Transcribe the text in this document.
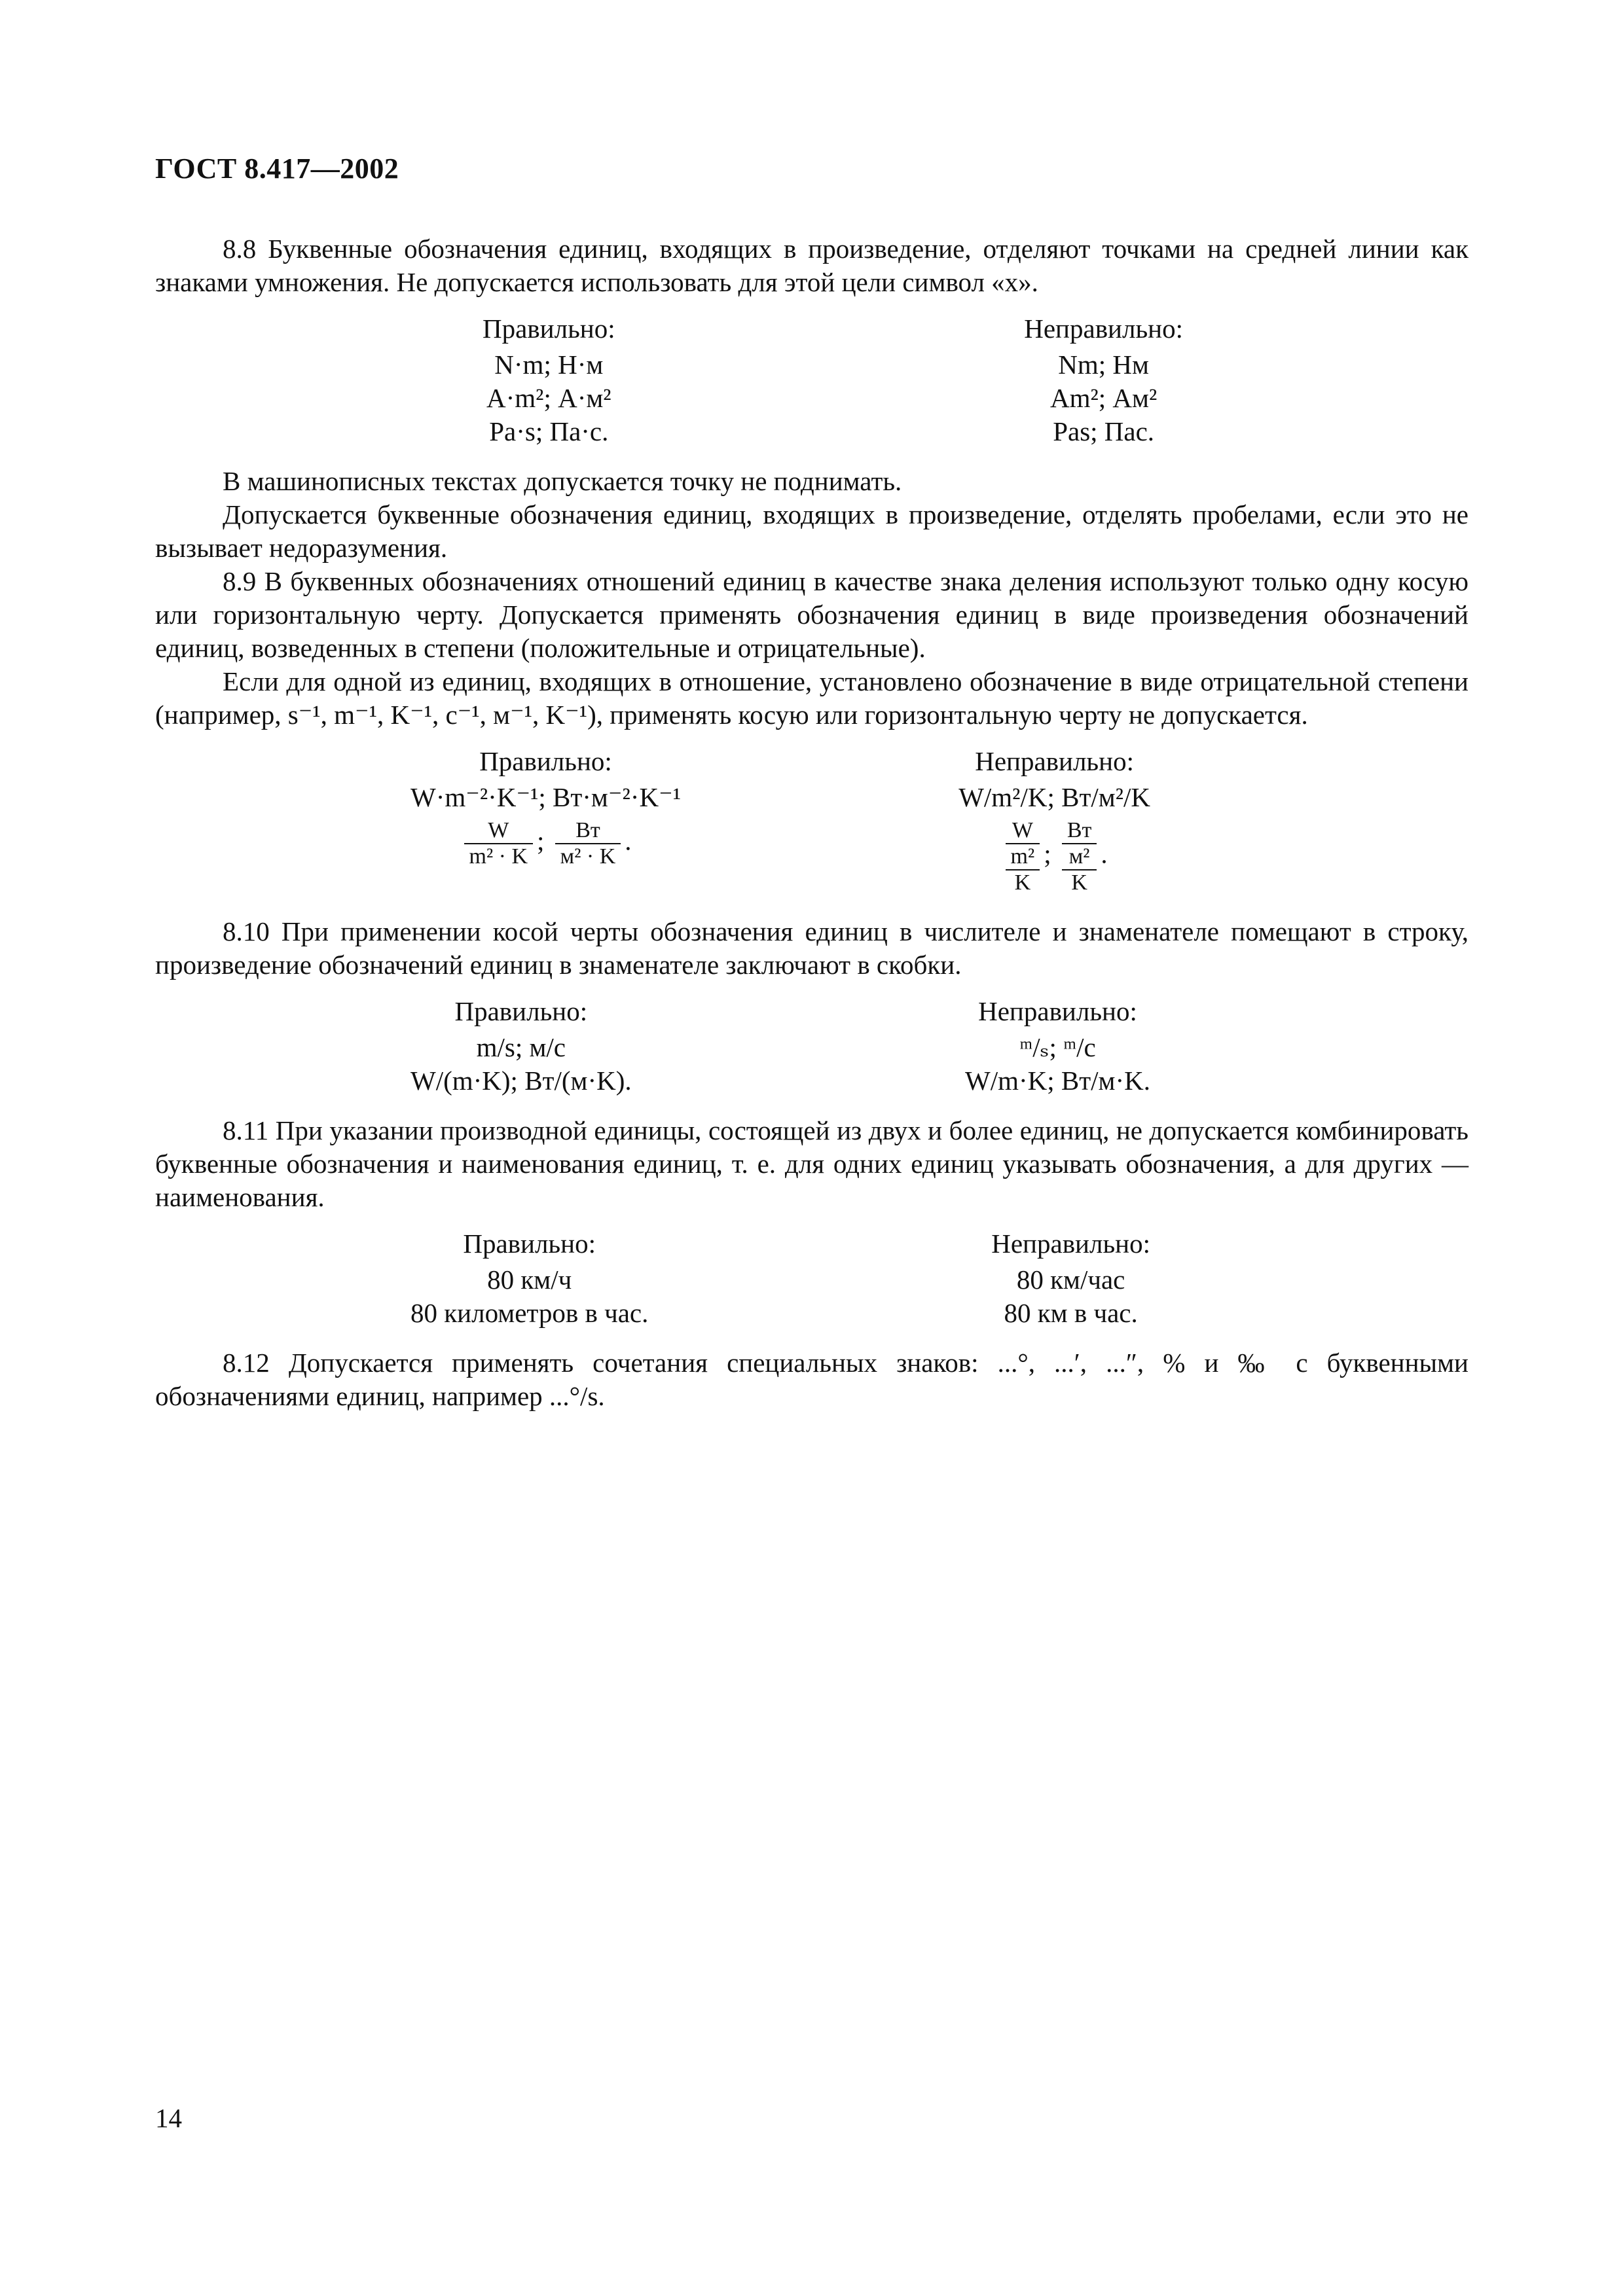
ГОСТ 8.417—2002

8.8 Буквенные обозначения единиц, входящих в произведение, отделяют точками на средней линии как знаками умножения. Не допускается использовать для этой цели символ «х».

Правильно:
N·m; Н·м
A·m²; А·м²
Pa·s; Па·с.
Неправильно:
Nm; Нм
Am²; Ам²
Pas; Пас.

В машинописных текстах допускается точку не поднимать.

Допускается буквенные обозначения единиц, входящих в произведение, отделять пробелами, если это не вызывает недоразумения.

8.9 В буквенных обозначениях отношений единиц в качестве знака деления используют только одну косую или горизонтальную черту. Допускается применять обозначения единиц в виде произведения обозначений единиц, возведенных в степени (положительные и отрицательные).

Если для одной из единиц, входящих в отношение, установлено обозначение в виде отрицательной степени (например, s⁻¹, m⁻¹, K⁻¹, c⁻¹, м⁻¹, K⁻¹), применять косую или горизонтальную черту не допускается.

Правильно:
W·m⁻²·K⁻¹; Вт·м⁻²·K⁻¹
$\frac{W}{\text{m² · K}}$ ; $\frac{Вт}{\text{м² · K}}$ .
Неправильно:
W/m²/K; Вт/м²/K
W
m²
K
;
Вт
м²
K
.

8.10 При применении косой черты обозначения единиц в числителе и знаменателе помещают в строку, произведение обозначений единиц в знаменателе заключают в скобки.

Правильно:
m/s; м/с
W/(m·K); Вт/(м·K).
Неправильно:
ᵐ/ₛ; ᵐ/с
W/m·K; Вт/м·K.

8.11 При указании производной единицы, состоящей из двух и более единиц, не допускается комбинировать буквенные обозначения и наименования единиц, т. е. для одних единиц указывать обозначения, а для других — наименования.

Правильно:
80 км/ч
80 километров в час.
Неправильно:
80 км/час
80 км в час.

8.12 Допускается применять сочетания специальных знаков: ...°, ...′, ...″, % и ‰ с буквенными обозначениями единиц, например ...°/s.

14
